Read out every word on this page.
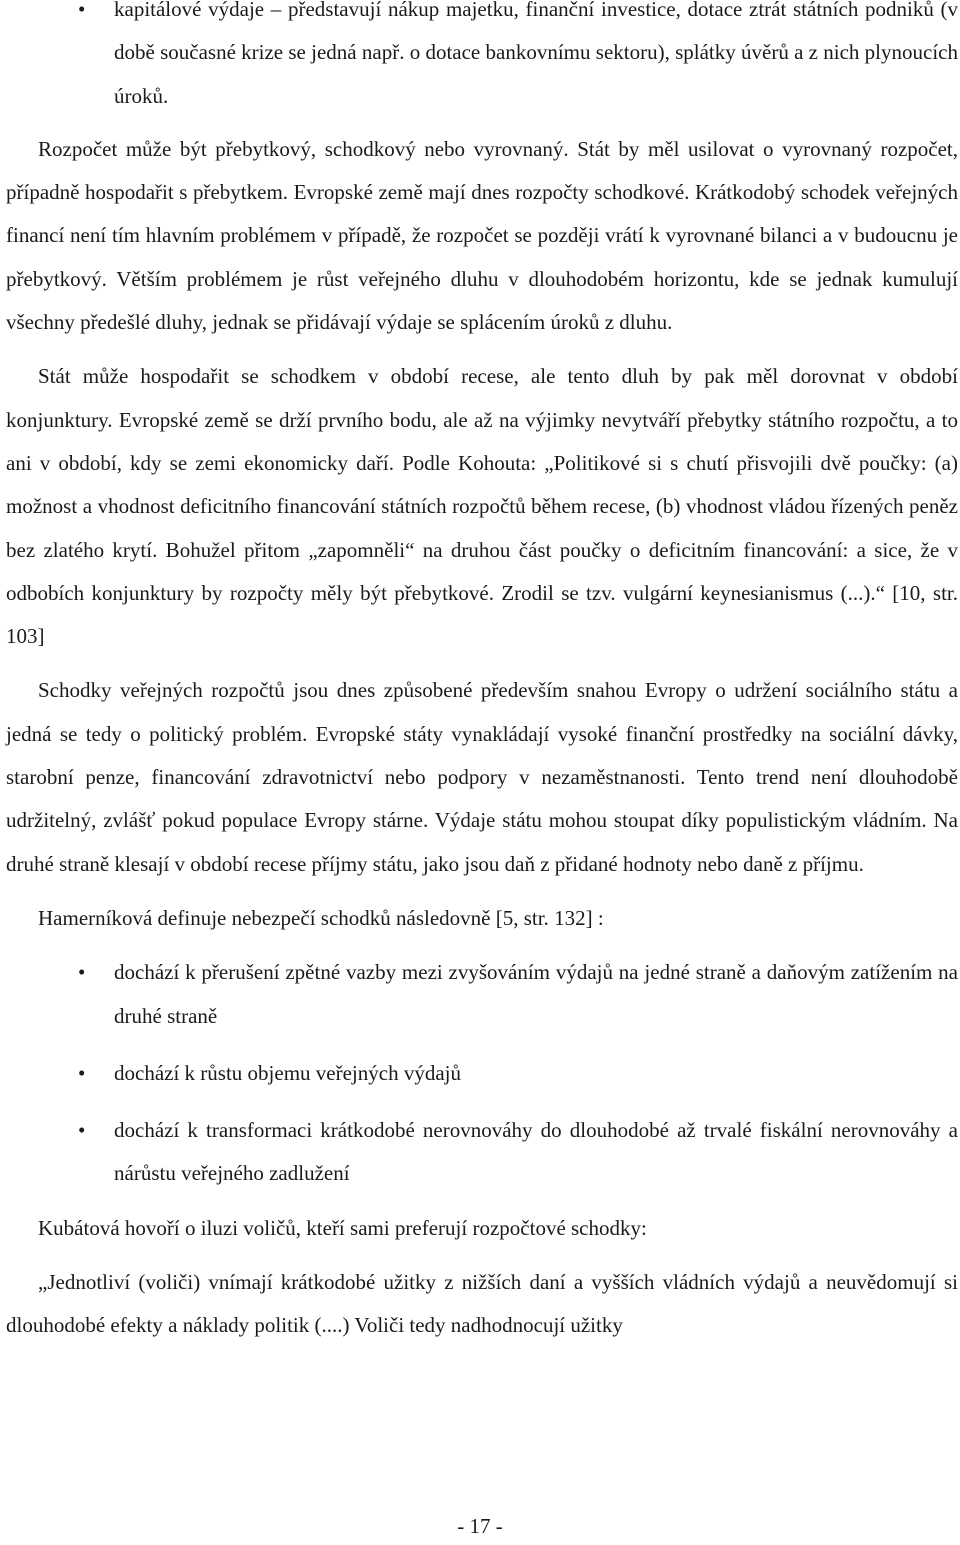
• kapitálové výdaje – představují nákup majetku, finanční investice, dotace ztrát státních podniků (v době současné krize se jedná např. o dotace bankovnímu sektoru), splátky úvěrů a z nich plynoucích úroků.

Rozpočet může být přebytkový, schodkový nebo vyrovnaný. Stát by měl usilovat o vyrovnaný rozpočet, případně hospodařit s přebytkem. Evropské země mají dnes rozpočty schodkové. Krátkodobý schodek veřejných financí není tím hlavním problémem v případě, že rozpočet se později vrátí k vyrovnané bilanci a v budoucnu je přebytkový. Větším problémem je růst veřejného dluhu v dlouhodobém horizontu, kde se jednak kumulují všechny předešlé dluhy, jednak se přidávají výdaje se splácením úroků z dluhu.

Stát může hospodařit se schodkem v období recese, ale tento dluh by pak měl dorovnat v období konjunktury. Evropské země se drží prvního bodu, ale až na výjimky nevytváří přebytky státního rozpočtu, a to ani v období, kdy se zemi ekonomicky daří. Podle Kohouta: „Politikové si s chutí přisvojili dvě poučky: (a) možnost a vhodnost deficitního financování státních rozpočtů během recese, (b) vhodnost vládou řízených peněz bez zlatého krytí. Bohužel přitom „zapomněli“ na druhou část poučky o deficitním financování: a sice, že v odbobích konjunktury by rozpočty měly být přebytkové. Zrodil se tzv. vulgární keynesianismus (...).“ [10, str. 103]

Schodky veřejných rozpočtů jsou dnes způsobené především snahou Evropy o udržení sociálního státu a jedná se tedy o politický problém. Evropské státy vynakládají vysoké finanční prostředky na sociální dávky, starobní penze, financování zdravotnictví nebo podpory v nezaměstnanosti. Tento trend není dlouhodobě udržitelný, zvlášť pokud populace Evropy stárne. Výdaje státu mohou stoupat díky populistickým vládním. Na druhé straně klesají v období recese příjmy státu, jako jsou daň z přidané hodnoty nebo daně z příjmu.

Hamerníková definuje nebezpečí schodků následovně [5, str. 132] :

• dochází k přerušení zpětné vazby mezi zvyšováním výdajů na jedné straně a daňovým zatížením na druhé straně
• dochází k růstu objemu veřejných výdajů
• dochází k transformaci krátkodobé nerovnováhy do dlouhodobé až trvalé fiskální nerovnováhy a nárůstu veřejného zadlužení

Kubátová hovoří o iluzi voličů, kteří sami preferují rozpočtové schodky:

„Jednotliví (voliči) vnímají krátkodobé užitky z nižších daní a vyšších vládních výdajů a neuvědomují si dlouhodobé efekty a náklady politik (....) Voliči tedy nadhodnocují užitky

- 17 -
